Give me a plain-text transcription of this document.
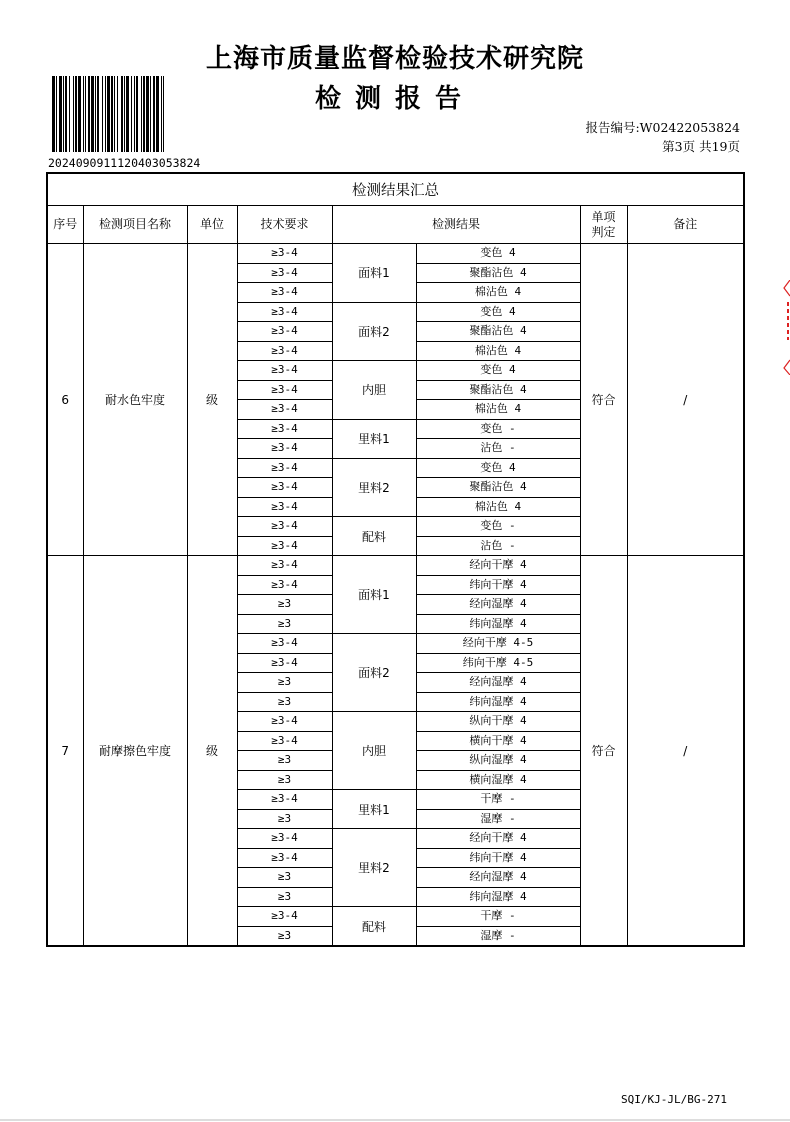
上海市质量监督检验技术研究院
检测报告
2024090911120403053824
报告编号:W02422053824
第3页 共19页
检测结果汇总							
序号	检测项目名称	单位	技术要求	检测结果		单项判定	备注
6	耐水色牢度	级	≥3-4	面料1	变色 4	符合	/
			≥3-4		聚酯沾色 4		
			≥3-4		棉沾色 4		
			≥3-4	面料2	变色 4		
			≥3-4		聚酯沾色 4		
			≥3-4		棉沾色 4		
			≥3-4	内胆	变色 4		
			≥3-4		聚酯沾色 4		
			≥3-4		棉沾色 4		
			≥3-4	里料1	变色 -		
			≥3-4		沾色 -		
			≥3-4	里料2	变色 4		
			≥3-4		聚酯沾色 4		
			≥3-4		棉沾色 4		
			≥3-4	配料	变色 -		
			≥3-4		沾色 -		
7	耐摩擦色牢度	级	≥3-4	面料1	经向干摩 4	符合	/
			≥3-4		纬向干摩 4		
			≥3		经向湿摩 4		
			≥3		纬向湿摩 4		
			≥3-4	面料2	经向干摩 4-5		
			≥3-4		纬向干摩 4-5		
			≥3		经向湿摩 4		
			≥3		纬向湿摩 4		
			≥3-4	内胆	纵向干摩 4		
			≥3-4		横向干摩 4		
			≥3		纵向湿摩 4		
			≥3		横向湿摩 4		
			≥3-4	里料1	干摩 -		
			≥3		湿摩 -		
			≥3-4	里料2	经向干摩 4		
			≥3-4		纬向干摩 4		
			≥3		经向湿摩 4		
			≥3		纬向湿摩 4		
			≥3-4	配料	干摩 -		
			≥3		湿摩 -		
SQI/KJ-JL/BG-271
